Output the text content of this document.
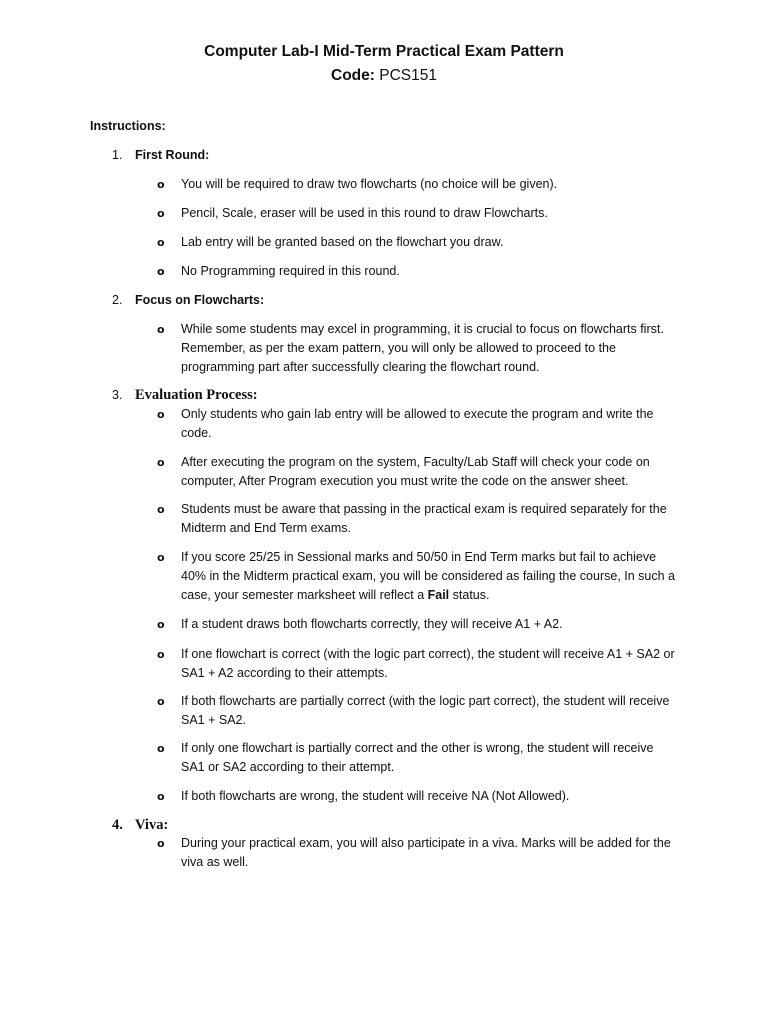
Computer Lab-I Mid-Term Practical Exam Pattern
Code: PCS151
Instructions:
1. First Round:
o You will be required to draw two flowcharts (no choice will be given).
o Pencil, Scale, eraser will be used in this round to draw Flowcharts.
o Lab entry will be granted based on the flowchart you draw.
o No Programming required in this round.
2. Focus on Flowcharts:
o While some students may excel in programming, it is crucial to focus on flowcharts first. Remember, as per the exam pattern, you will only be allowed to proceed to the programming part after successfully clearing the flowchart round.
3. Evaluation Process:
o Only students who gain lab entry will be allowed to execute the program and write the code.
o After executing the program on the system, Faculty/Lab Staff will check your code on computer, After Program execution you must write the code on the answer sheet.
o Students must be aware that passing in the practical exam is required separately for the Midterm and End Term exams.
o If you score 25/25 in Sessional marks and 50/50 in End Term marks but fail to achieve 40% in the Midterm practical exam, you will be considered as failing the course, In such a case, your semester marksheet will reflect a Fail status.
o If a student draws both flowcharts correctly, they will receive A1 + A2.
o If one flowchart is correct (with the logic part correct), the student will receive A1 + SA2 or SA1 + A2 according to their attempts.
o If both flowcharts are partially correct (with the logic part correct), the student will receive SA1 + SA2.
o If only one flowchart is partially correct and the other is wrong, the student will receive SA1 or SA2 according to their attempt.
o If both flowcharts are wrong, the student will receive NA (Not Allowed).
4. Viva:
o During your practical exam, you will also participate in a viva. Marks will be added for the viva as well.
